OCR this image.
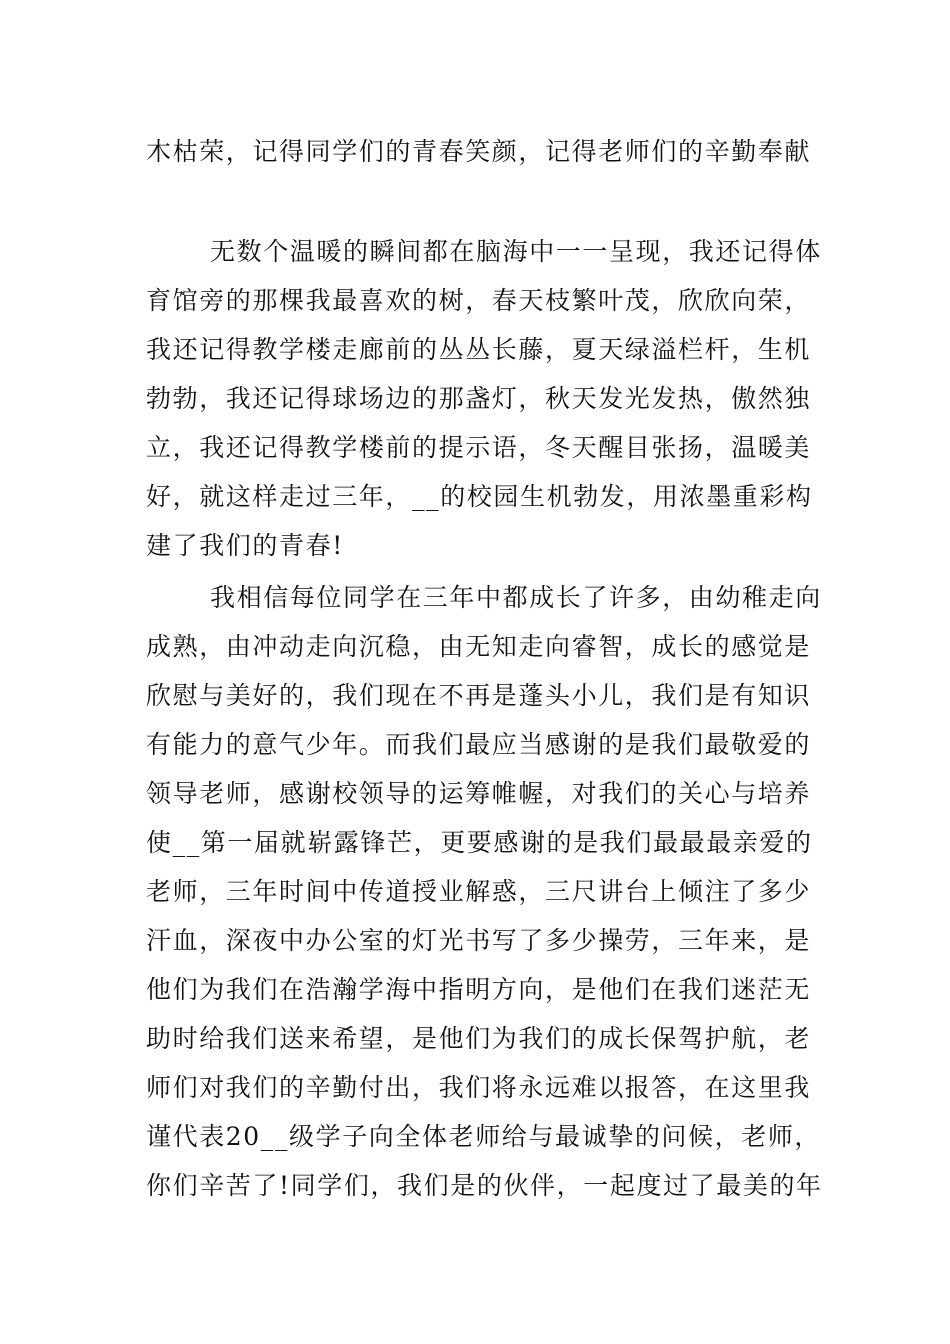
木枯荣，记得同学们的青春笑颜，记得老师们的辛勤奉献
无数个温暖的瞬间都在脑海中一一呈现，我还记得体
育馆旁的那棵我最喜欢的树，春天枝繁叶茂，欣欣向荣，
我还记得教学楼走廊前的丛丛长藤，夏天绿溢栏杆，生机
勃勃，我还记得球场边的那盏灯，秋天发光发热，傲然独
立，我还记得教学楼前的提示语，冬天醒目张扬，温暖美
好，就这样走过三年，__的校园生机勃发，用浓墨重彩构
建了我们的青春!
我相信每位同学在三年中都成长了许多，由幼稚走向
成熟，由冲动走向沉稳，由无知走向睿智，成长的感觉是
欣慰与美好的，我们现在不再是蓬头小儿，我们是有知识
有能力的意气少年。而我们最应当感谢的是我们最敬爱的
领导老师，感谢校领导的运筹帷幄，对我们的关心与培养
使__第一届就崭露锋芒，更要感谢的是我们最最最亲爱的
老师，三年时间中传道授业解惑，三尺讲台上倾注了多少
汗血，深夜中办公室的灯光书写了多少操劳，三年来，是
他们为我们在浩瀚学海中指明方向，是他们在我们迷茫无
助时给我们送来希望，是他们为我们的成长保驾护航，老
师们对我们的辛勤付出，我们将永远难以报答，在这里我
谨代表20__级学子向全体老师给与最诚挚的问候，老师，
你们辛苦了!同学们，我们是的伙伴，一起度过了最美的年
